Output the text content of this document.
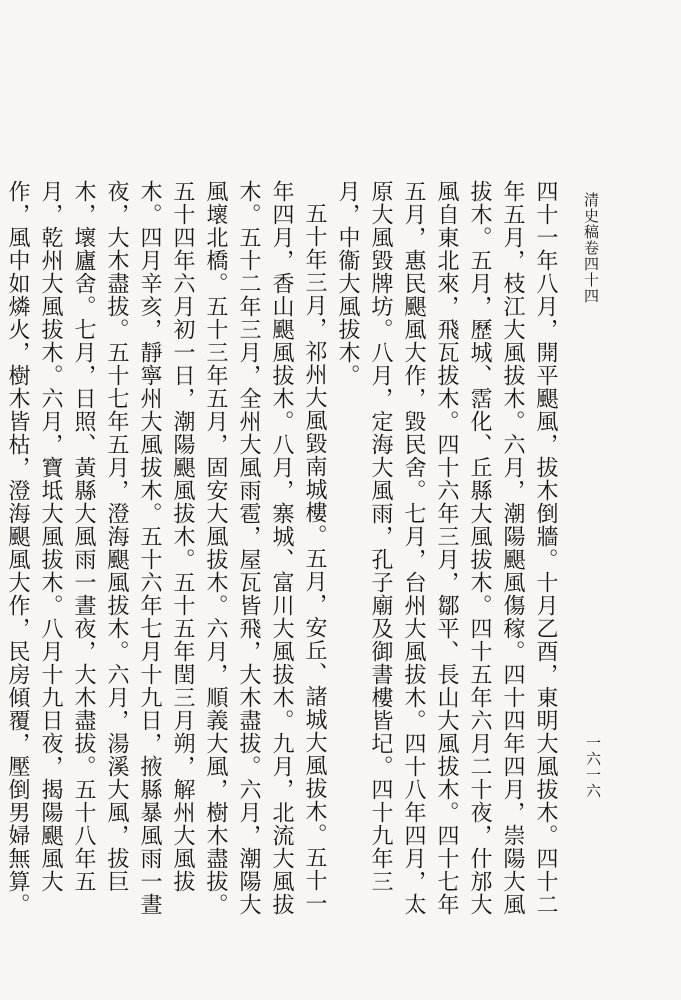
清史稿卷四十四
一六一六

四十一年八月，開平颶風，拔木倒牆。十月乙酉，東明大風拔木。四十二年五月，枝江大風拔木。六月，潮陽颶風傷稼。四十四年四月，崇陽大風拔木。五月，歷城、霑化、丘縣大風拔木。四十五年六月二十夜，什邡大風自東北來，飛瓦拔木。四十六年三月，鄒平、長山大風拔木。四十七年五月，惠民颶風大作，毀民舍。七月，台州大風拔木。四十八年四月，太原大風毀牌坊。八月，定海大風雨，孔子廟及御書樓皆圮。四十九年三月，中衞大風拔木。

五十年三月，祁州大風毀南城樓。五月，安丘、諸城大風拔木。五十一年四月，香山颶風拔木。八月，寨城、富川大風拔木。九月，北流大風拔木。五十二年三月，全州大風雨雹，屋瓦皆飛，大木盡拔。六月，潮陽大風壞北橋。五十三年五月，固安大風拔木。六月，順義大風，樹木盡拔。五十四年六月初一日，潮陽颶風拔木。五十五年閏三月朔，解州大風拔木。四月辛亥，靜寧州大風拔木。五十六年七月十九日，掖縣暴風雨一晝夜，大木盡拔。五十七年五月，澄海颶風拔木。六月，湯溪大風，拔巨木，壞廬舍。七月，日照、黃縣大風雨一晝夜，大木盡拔。五十八年五月，乾州大風拔木。六月，寶坻大風拔木。八月十九日夜，揭陽颶風大作，風中如燐火，樹木皆枯，澄海颶風大作，民房傾覆，壓倒男婦無算。
